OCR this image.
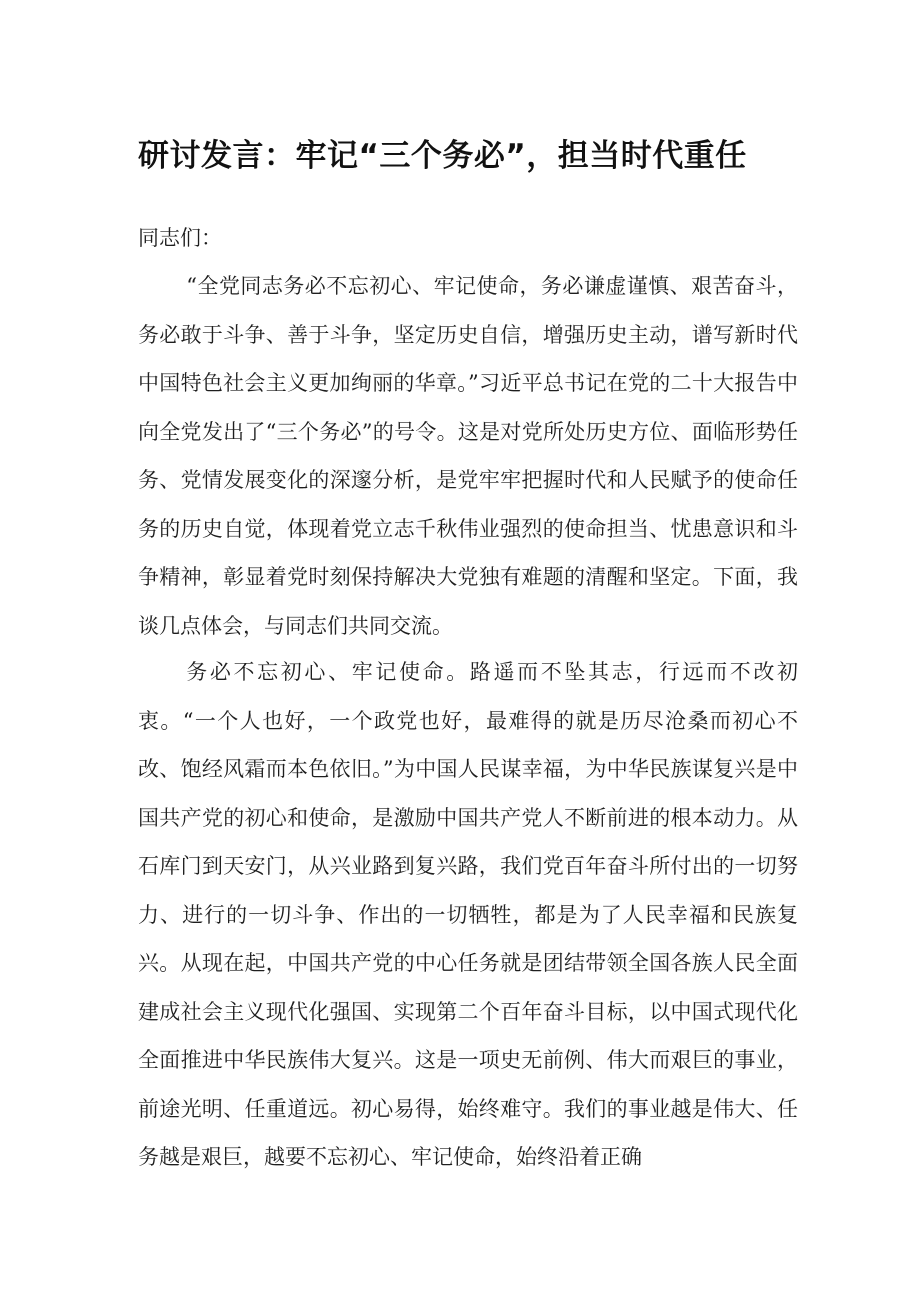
研讨发言：牢记“三个务必”，担当时代重任

同志们：

“全党同志务必不忘初心、牢记使命，务必谦虚谨慎、艰苦奋斗，务必敢于斗争、善于斗争，坚定历史自信，增强历史主动，谱写新时代中国特色社会主义更加绚丽的华章。”习近平总书记在党的二十大报告中向全党发出了“三个务必”的号令。这是对党所处历史方位、面临形势任务、党情发展变化的深邃分析，是党牢牢把握时代和人民赋予的使命任务的历史自觉，体现着党立志千秋伟业强烈的使命担当、忧患意识和斗争精神，彰显着党时刻保持解决大党独有难题的清醒和坚定。下面，我谈几点体会，与同志们共同交流。

务必不忘初心、牢记使命。路遥而不坠其志，行远而不改初衷。“一个人也好，一个政党也好，最难得的就是历尽沧桑而初心不改、饱经风霜而本色依旧。”为中国人民谋幸福，为中华民族谋复兴是中国共产党的初心和使命，是激励中国共产党人不断前进的根本动力。从石库门到天安门，从兴业路到复兴路，我们党百年奋斗所付出的一切努力、进行的一切斗争、作出的一切牺牲，都是为了人民幸福和民族复兴。从现在起，中国共产党的中心任务就是团结带领全国各族人民全面建成社会主义现代化强国、实现第二个百年奋斗目标，以中国式现代化全面推进中华民族伟大复兴。这是一项史无前例、伟大而艰巨的事业，前途光明、任重道远。初心易得，始终难守。我们的事业越是伟大、任务越是艰巨，越要不忘初心、牢记使命，始终沿着正确
